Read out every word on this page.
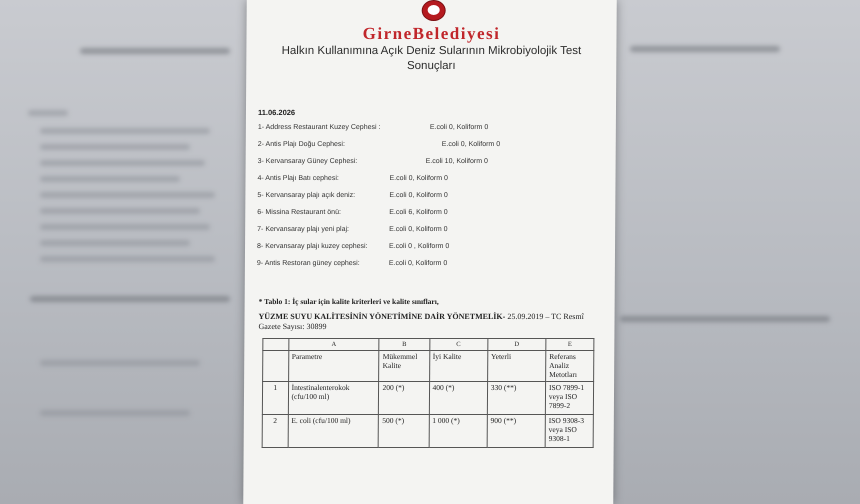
GirneBelediyesi
Halkın Kullanımına Açık Deniz Sularının Mikrobiyolojik Test
Sonuçları
11.06.2026
1- Address Restaurant Kuzey Cephesi :	E.coli 0, Koliform 0
2- Antis Plajı Doğu Cephesi:	E.coli 0, Koliform 0
3- Kervansaray Güney Cephesi:	E.coli 10, Koliform 0
4- Antis Plajı Batı cephesi:	E.coli 0, Koliform 0
5- Kervansaray plajı açık deniz:	E.coli 0, Koliform 0
6- Missina Restaurant önü:	E.coli 6, Koliform 0
7- Kervansaray plajı yeni plaj:	E.coli 0, Koliform 0
8- Kervansaray plajı kuzey cephesi:	E.coli 0 , Koliform 0
9- Antis Restoran güney cephesi:	E.coli 0, Koliform 0
* Tablo 1: İç sular için kalite kriterleri ve kalite sınıfları,
YÜZME SUYU KALİTESİNİN YÖNETİMİNE DAİR YÖNETMELİK- 25.09.2019 – TC Resmî Gazete Sayısı: 30899
	A	B	C	D	E
	Parametre	Mükemmel Kalite	İyi Kalite	Yeterli	Referans Analiz Metotları
1	İntestinalenterokok (cfu/100 ml)	200 (*)	400 (*)	330 (**)	ISO 7899-1 veya ISO 7899-2
2	E. coli (cfu/100 ml)	500 (*)	1 000 (*)	900 (**)	ISO 9308-3 veya ISO 9308-1
